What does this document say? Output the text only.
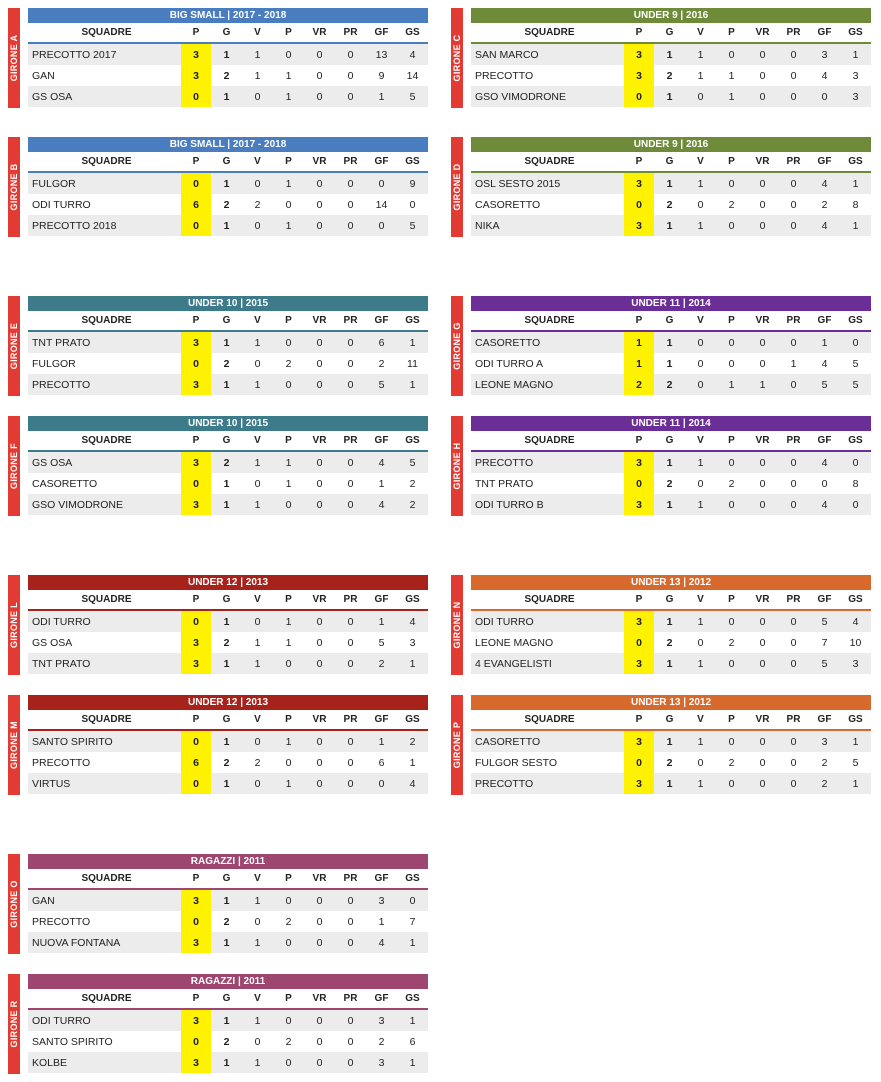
GIRONE A
BIG SMALL | 2017 - 2018
SQUADRE	P	G	V	P	VR	PR	GF	GS
PRECOTTO 2017	3	1	1	0	0	0	13	4
GAN	3	2	1	1	0	0	9	14
GS OSA	0	1	0	1	0	0	1	5
GIRONE C
UNDER 9 | 2016
SQUADRE	P	G	V	P	VR	PR	GF	GS
SAN MARCO	3	1	1	0	0	0	3	1
PRECOTTO	3	2	1	1	0	0	4	3
GSO VIMODRONE	0	1	0	1	0	0	0	3
GIRONE B
BIG SMALL | 2017 - 2018
SQUADRE	P	G	V	P	VR	PR	GF	GS
FULGOR	0	1	0	1	0	0	0	9
ODI TURRO	6	2	2	0	0	0	14	0
PRECOTTO 2018	0	1	0	1	0	0	0	5
GIRONE D
UNDER 9 | 2016
SQUADRE	P	G	V	P	VR	PR	GF	GS
OSL SESTO 2015	3	1	1	0	0	0	4	1
CASORETTO	0	2	0	2	0	0	2	8
NIKA	3	1	1	0	0	0	4	1
GIRONE E
UNDER 10 | 2015
SQUADRE	P	G	V	P	VR	PR	GF	GS
TNT PRATO	3	1	1	0	0	0	6	1
FULGOR	0	2	0	2	0	0	2	11
PRECOTTO	3	1	1	0	0	0	5	1
GIRONE G
UNDER 11 | 2014
SQUADRE	P	G	V	P	VR	PR	GF	GS
CASORETTO	1	1	0	0	0	0	1	0
ODI TURRO A	1	1	0	0	0	1	4	5
LEONE MAGNO	2	2	0	1	1	0	5	5
GIRONE F
UNDER 10 | 2015
SQUADRE	P	G	V	P	VR	PR	GF	GS
GS OSA	3	2	1	1	0	0	4	5
CASORETTO	0	1	0	1	0	0	1	2
GSO VIMODRONE	3	1	1	0	0	0	4	2
GIRONE H
UNDER 11 | 2014
SQUADRE	P	G	V	P	VR	PR	GF	GS
PRECOTTO	3	1	1	0	0	0	4	0
TNT PRATO	0	2	0	2	0	0	0	8
ODI TURRO B	3	1	1	0	0	0	4	0
GIRONE L
UNDER 12 | 2013
SQUADRE	P	G	V	P	VR	PR	GF	GS
ODI TURRO	0	1	0	1	0	0	1	4
GS OSA	3	2	1	1	0	0	5	3
TNT PRATO	3	1	1	0	0	0	2	1
GIRONE N
UNDER 13 | 2012
SQUADRE	P	G	V	P	VR	PR	GF	GS
ODI TURRO	3	1	1	0	0	0	5	4
LEONE MAGNO	0	2	0	2	0	0	7	10
4 EVANGELISTI	3	1	1	0	0	0	5	3
GIRONE M
UNDER 12 | 2013
SQUADRE	P	G	V	P	VR	PR	GF	GS
SANTO SPIRITO	0	1	0	1	0	0	1	2
PRECOTTO	6	2	2	0	0	0	6	1
VIRTUS	0	1	0	1	0	0	0	4
GIRONE P
UNDER 13 | 2012
SQUADRE	P	G	V	P	VR	PR	GF	GS
CASORETTO	3	1	1	0	0	0	3	1
FULGOR SESTO	0	2	0	2	0	0	2	5
PRECOTTO	3	1	1	0	0	0	2	1
GIRONE O
RAGAZZI | 2011
SQUADRE	P	G	V	P	VR	PR	GF	GS
GAN	3	1	1	0	0	0	3	0
PRECOTTO	0	2	0	2	0	0	1	7
NUOVA FONTANA	3	1	1	0	0	0	4	1
GIRONE R
RAGAZZI | 2011
SQUADRE	P	G	V	P	VR	PR	GF	GS
ODI TURRO	3	1	1	0	0	0	3	1
SANTO SPIRITO	0	2	0	2	0	0	2	6
KOLBE	3	1	1	0	0	0	3	1
